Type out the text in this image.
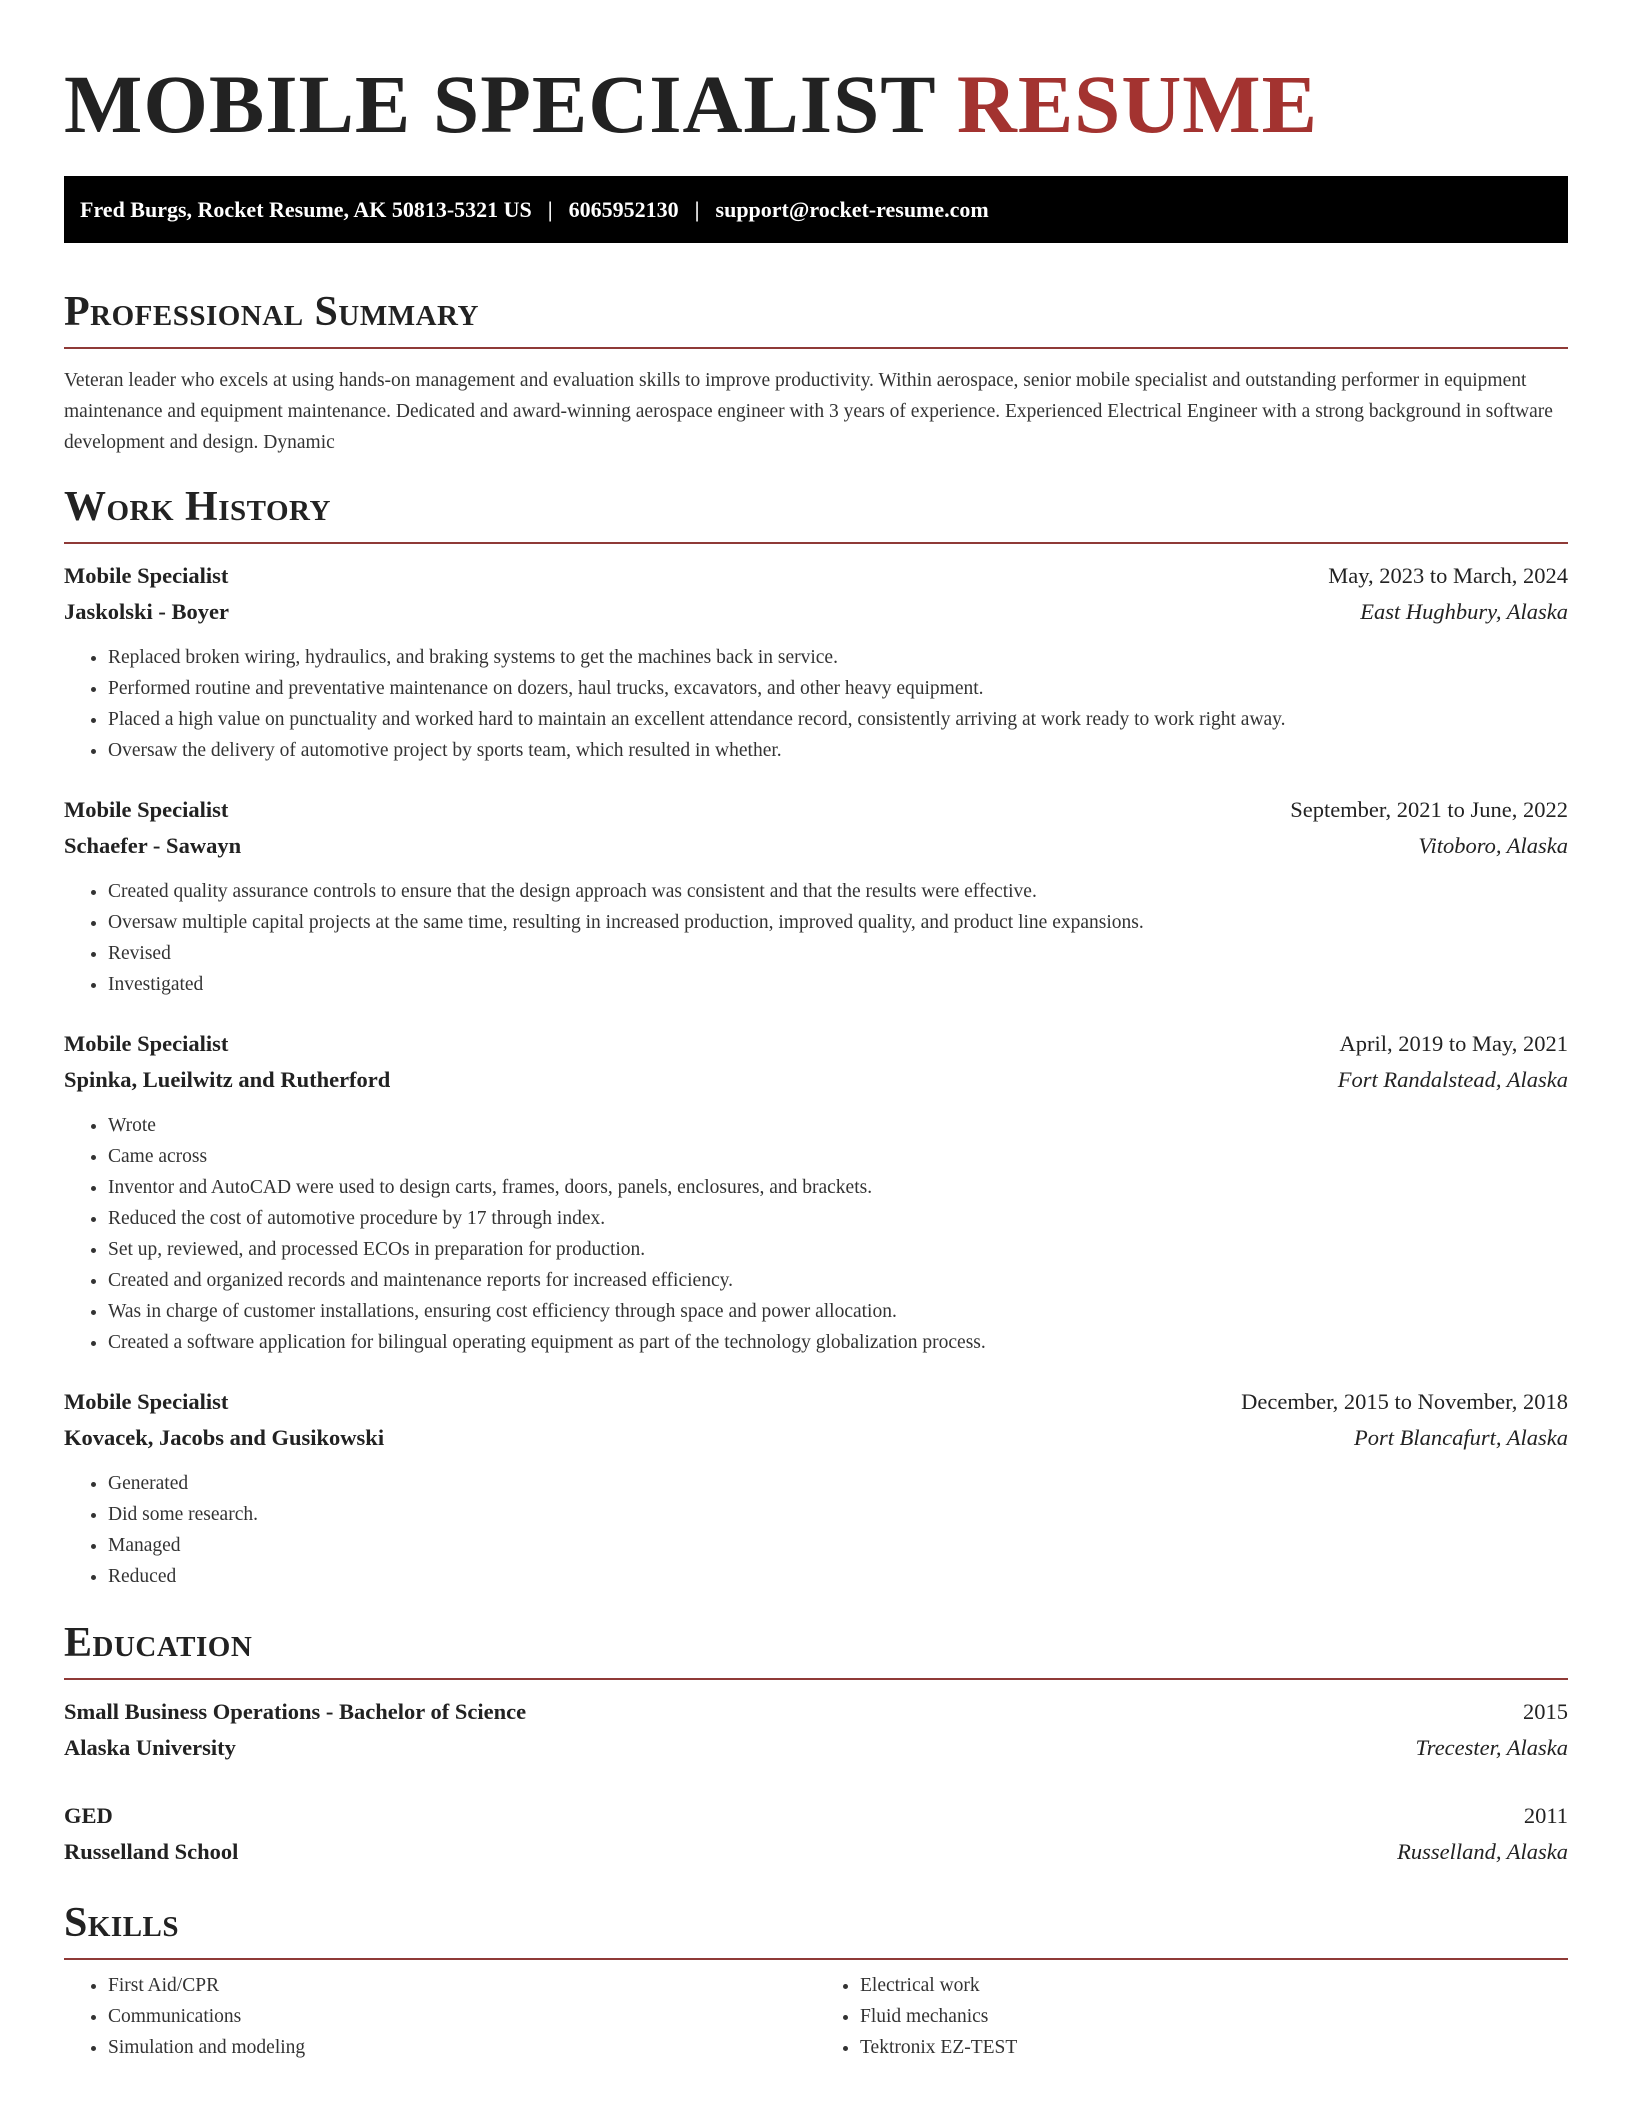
MOBILE SPECIALIST RESUME
Fred Burgs, Rocket Resume, AK 50813-5321 US | 6065952130 | support@rocket-resume.com
Professional Summary

Veteran leader who excels at using hands-on management and evaluation skills to improve productivity. Within aerospace, senior mobile specialist and outstanding performer in equipment maintenance and equipment maintenance. Dedicated and award-winning aerospace engineer with 3 years of experience. Experienced Electrical Engineer with a strong background in software development and design. Dynamic

Work History
Mobile Specialist	May, 2023 to March, 2024
Jaskolski - Boyer	East Hughbury, Alaska
• Replaced broken wiring, hydraulics, and braking systems to get the machines back in service.
• Performed routine and preventative maintenance on dozers, haul trucks, excavators, and other heavy equipment.
• Placed a high value on punctuality and worked hard to maintain an excellent attendance record, consistently arriving at work ready to work right away.
• Oversaw the delivery of automotive project by sports team, which resulted in whether.
Mobile Specialist	September, 2021 to June, 2022
Schaefer - Sawayn	Vitoboro, Alaska
• Created quality assurance controls to ensure that the design approach was consistent and that the results were effective.
• Oversaw multiple capital projects at the same time, resulting in increased production, improved quality, and product line expansions.
• Revised
• Investigated
Mobile Specialist	April, 2019 to May, 2021
Spinka, Lueilwitz and Rutherford	Fort Randalstead, Alaska
• Wrote
• Came across
• Inventor and AutoCAD were used to design carts, frames, doors, panels, enclosures, and brackets.
• Reduced the cost of automotive procedure by 17 through index.
• Set up, reviewed, and processed ECOs in preparation for production.
• Created and organized records and maintenance reports for increased efficiency.
• Was in charge of customer installations, ensuring cost efficiency through space and power allocation.
• Created a software application for bilingual operating equipment as part of the technology globalization process.
Mobile Specialist	December, 2015 to November, 2018
Kovacek, Jacobs and Gusikowski	Port Blancafurt, Alaska
• Generated
• Did some research.
• Managed
• Reduced
Education
Small Business Operations - Bachelor of Science	2015
Alaska University	Trecester, Alaska
GED	2011
Russelland School	Russelland, Alaska
Skills
• First Aid/CPR
• Communications
• Simulation and modeling
• Electrical work
• Fluid mechanics
• Tektronix EZ-TEST
